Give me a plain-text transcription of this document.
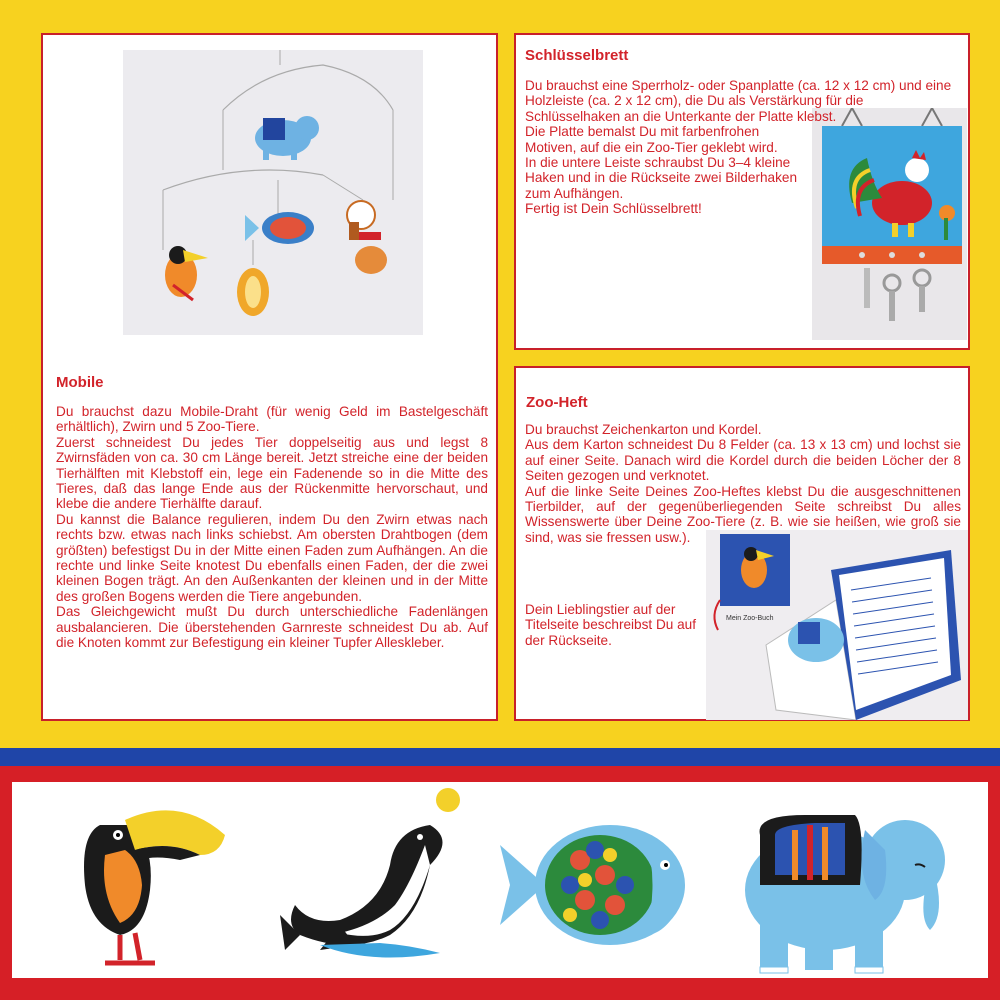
Mobile

Du brauchst dazu Mobile-Draht (für wenig Geld im Bastelgeschäft erhältlich), Zwirn und 5 Zoo-Tiere.

Zuerst schneidest Du jedes Tier doppelseitig aus und legst 8 Zwirnsfäden von ca. 30 cm Länge bereit. Jetzt streiche eine der beiden Tierhälften mit Klebstoff ein, lege ein Fadenende so in die Mitte des Tieres, daß das lange Ende aus der Rückenmitte hervorschaut, und klebe die andere Tierhälfte darauf.

Du kannst die Balance regulieren, indem Du den Zwirn etwas nach rechts bzw. etwas nach links schiebst. Am obersten Drahtbogen (dem größten) befestigst Du in der Mitte einen Faden zum Aufhängen. An die rechte und linke Seite knotest Du ebenfalls einen Faden, der die zwei kleinen Bogen trägt. An den Außenkanten der kleinen und in der Mitte des großen Bogens werden die Tiere angebunden.

Das Gleichgewicht mußt Du durch unterschiedliche Fadenlängen ausbalancieren. Die überstehenden Garnreste schneidest Du ab. Auf die Knoten kommt zur Befestigung ein kleiner Tupfer Alleskleber.

Schlüsselbrett

Du brauchst eine Sperrholz- oder Spanplatte (ca. 12 x 12 cm) und eine Holzleiste (ca. 2 x 12 cm), die Du als Verstärkung für die Schlüsselhaken an die Unterkante der Platte klebst.

Die Platte bemalst Du mit farbenfrohen Motiven, auf die ein Zoo-Tier geklebt wird.

In die untere Leiste schraubst Du 3–4 kleine Haken und in die Rückseite zwei Bilderhaken zum Aufhängen.

Fertig ist Dein Schlüsselbrett!

Mein Zoo-Buch
Zoo-Heft

Du brauchst Zeichenkarton und Kordel.

Aus dem Karton schneidest Du 8 Felder (ca. 13 x 13 cm) und lochst sie auf einer Seite. Danach wird die Kordel durch die beiden Löcher der 8 Seiten gezogen und verknotet.

Auf die linke Seite Deines Zoo-Heftes klebst Du die ausgeschnittenen Tierbilder, auf der gegenüberliegenden Seite schreibst Du alles Wissenswerte über Deine Zoo-Tiere (z. B. wie sie heißen, wie groß sie sind, was sie fressen usw.).

Dein Lieblingstier auf der Titelseite beschreibst Du auf der Rückseite.
